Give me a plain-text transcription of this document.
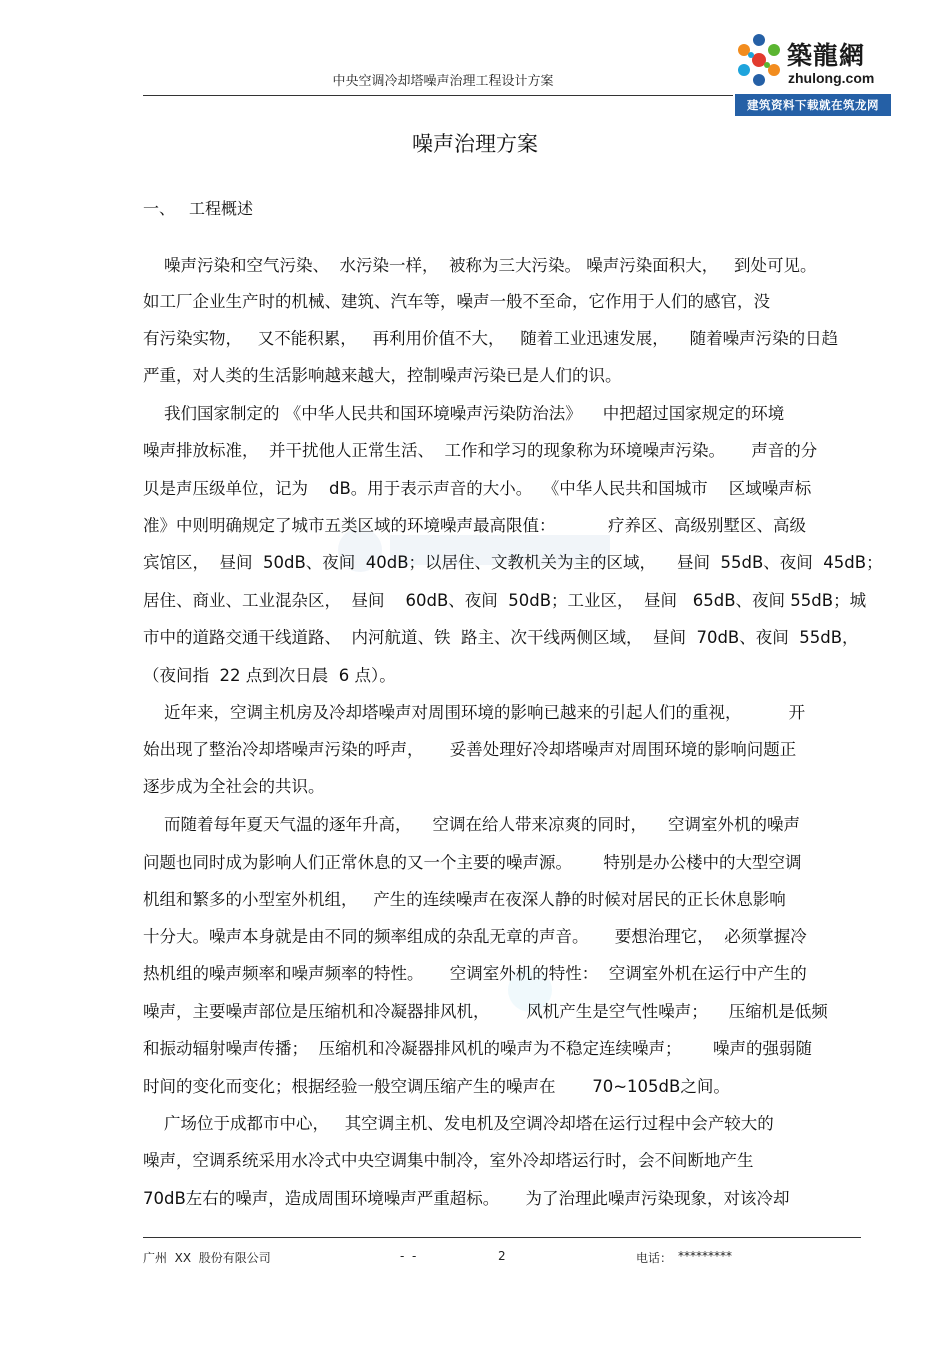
中央空调冷却塔噪声治理工程设计方案
築龍網
zhulong.com
建筑资料下载就在筑龙网
噪声治理方案
一、 工程概述
噪声污染和空气污染、  水污染一样，  被称为三大污染。 噪声污染面积大，   到处可见。
如工厂企业生产时的机械、建筑、汽车等，噪声一般不至命，它作用于人们的感官，没
有污染实物，   又不能积累，   再利用价值不大，   随着工业迅速发展，    随着噪声污染的日趋
严重，对人类的生活影响越来越大，控制噪声污染已是人们的识。
我们国家制定的 《中华人民共和国环境噪声污染防治法》    中把超过国家规定的环境
噪声排放标准，  并干扰他人正常生活、  工作和学习的现象称为环境噪声污染。     声音的分
贝是声压级单位，记为    dB。用于表示声音的大小。  《中华人民共和国城市    区域噪声标
准》中则明确规定了城市五类区域的环境噪声最高限值：          疗养区、高级别墅区、高级
宾馆区，  昼间  50dB、夜间  40dB；以居住、文教机关为主的区域，    昼间  55dB、夜间  45dB；
居住、商业、工业混杂区，  昼间    60dB、夜间  50dB；工业区，  昼间   65dB、夜间 55dB；城
市中的道路交通干线道路、  内河航道、铁  路主、次干线两侧区域，  昼间  70dB、夜间  55dB，
（夜间指  22 点到次日晨  6 点）。
近年来，空调主机房及冷却塔噪声对周围环境的影响已越来的引起人们的重视，         开
始出现了整治冷却塔噪声污染的呼声，     妥善处理好冷却塔噪声对周围环境的影响问题正
逐步成为全社会的共识。
而随着每年夏天气温的逐年升高，    空调在给人带来凉爽的同时，    空调室外机的噪声
问题也同时成为影响人们正常休息的又一个主要的噪声源。      特别是办公楼中的大型空调
机组和繁多的小型室外机组，   产生的连续噪声在夜深人静的时候对居民的正长休息影响
十分大。噪声本身就是由不同的频率组成的杂乱无章的声音。     要想治理它，  必须掌握冷
热机组的噪声频率和噪声频率的特性。     空调室外机的特性：  空调室外机在运行中产生的
噪声，主要噪声部位是压缩机和冷凝器排风机，       风机产生是空气性噪声；    压缩机是低频
和振动辐射噪声传播；  压缩机和冷凝器排风机的噪声为不稳定连续噪声；      噪声的强弱随
时间的变化而变化；根据经验一般空调压缩产生的噪声在       70~105dB之间。
广场位于成都市中心，   其空调主机、发电机及空调冷却塔在运行过程中会产较大的
噪声，空调系统采用水冷式中央空调集中制冷，室外冷却塔运行时，会不间断地产生
70dB左右的噪声，造成周围环境噪声严重超标。     为了治理此噪声污染现象，对该冷却
广州  XX  股份有限公司	-  -	2	电话： *********
